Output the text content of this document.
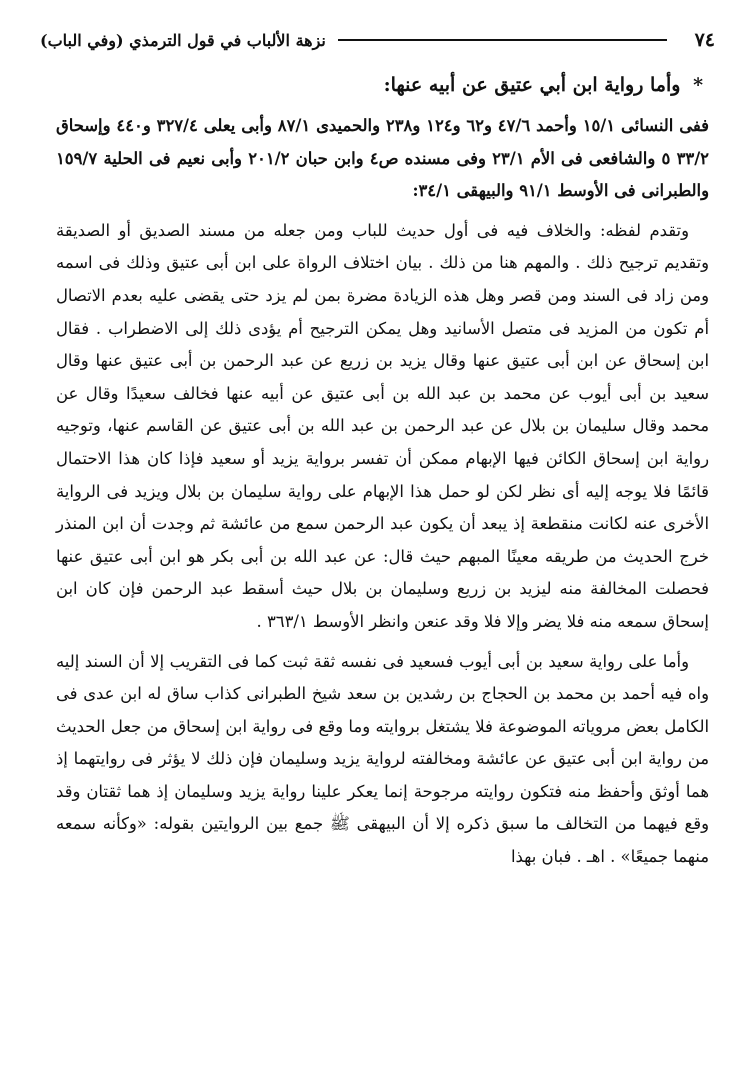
٧٤
نزهة الألباب في قول الترمذي (وفي الباب)
* وأما رواية ابن أبي عتيق عن أبيه عنها:

ففى النسائى ١٥/١ وأحمد ٤٧/٦ و٦٢ و١٢٤ و٢٣٨ والحميدى ٨٧/١ وأبى يعلى ٣٢٧/٤ و٤٤٠ وإسحاق ٣٣/٢ ٥ والشافعى فى الأم ٢٣/١ وفى مسنده ص٤ وابن حبان ٢٠١/٢ وأبى نعيم فى الحلية ١٥٩/٧ والطبرانى فى الأوسط ٩١/١ والبيهقى ٣٤/١:

وتقدم لفظه: والخلاف فيه فى أول حديث للباب ومن جعله من مسند الصديق أو الصديقة وتقديم ترجيح ذلك . والمهم هنا من ذلك . بيان اختلاف الرواة على ابن أبى عتيق وذلك فى اسمه ومن زاد فى السند ومن قصر وهل هذه الزيادة مضرة بمن لم يزد حتى يقضى عليه بعدم الاتصال أم تكون من المزيد فى متصل الأسانيد وهل يمكن الترجيح أم يؤدى ذلك إلى الاضطراب . فقال ابن إسحاق عن ابن أبى عتيق عنها وقال يزيد بن زريع عن عبد الرحمن بن أبى عتيق عنها وقال سعيد بن أبى أيوب عن محمد بن عبد الله بن أبى عتيق عن أبيه عنها فخالف سعيدًا وقال عن محمد وقال سليمان بن بلال عن عبد الرحمن بن عبد الله بن أبى عتيق عن القاسم عنها، وتوجيه رواية ابن إسحاق الكائن فيها الإبهام ممكن أن تفسر برواية يزيد أو سعيد فإذا كان هذا الاحتمال قائمًا فلا يوجه إليه أى نظر لكن لو حمل هذا الإبهام على رواية سليمان بن بلال ويزيد فى الرواية الأخرى عنه لكانت منقطعة إذ يبعد أن يكون عبد الرحمن سمع من عائشة ثم وجدت أن ابن المنذر خرج الحديث من طريقه معينًا المبهم حيث قال: عن عبد الله بن أبى بكر هو ابن أبى عتيق عنها فحصلت المخالفة منه ليزيد بن زريع وسليمان بن بلال حيث أسقط عبد الرحمن فإن كان ابن إسحاق سمعه منه فلا يضر وإلا فلا وقد عنعن وانظر الأوسط ٣٦٣/١ .

وأما على رواية سعيد بن أبى أيوب فسعيد فى نفسه ثقة ثبت كما فى التقريب إلا أن السند إليه واه فيه أحمد بن محمد بن الحجاج بن رشدين بن سعد شيخ الطبرانى كذاب ساق له ابن عدى فى الكامل بعض مروياته الموضوعة فلا يشتغل بروايته وما وقع فى رواية ابن إسحاق من جعل الحديث من رواية ابن أبى عتيق عن عائشة ومخالفته لرواية يزيد وسليمان فإن ذلك لا يؤثر فى روايتهما إذ هما أوثق وأحفظ منه فتكون روايته مرجوحة إنما يعكر علينا رواية يزيد وسليمان إذ هما ثقتان وقد وقع فيهما من التخالف ما سبق ذكره إلا أن البيهقى ﷺ جمع بين الروايتين بقوله: «وكأنه سمعه منهما جميعًا» . اهـ . فبان بهذا
